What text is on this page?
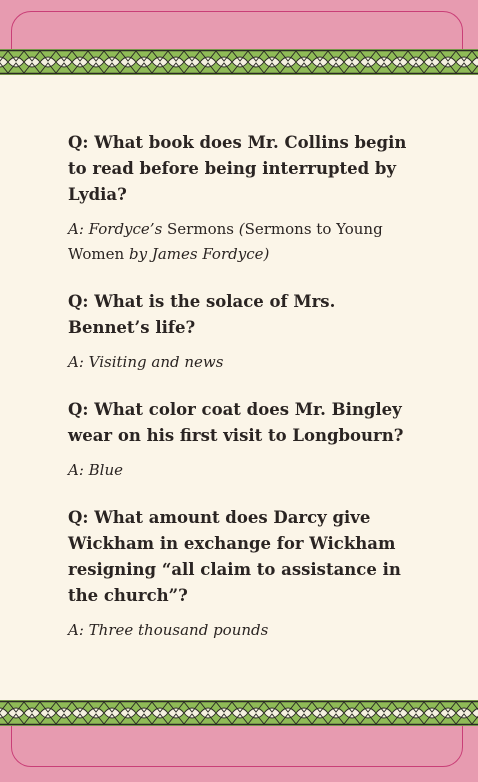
Q: What book does Mr. Collins begin to read before being interrupted by Lydia?

A: Fordyce’s Sermons (Sermons to Young Women by James Fordyce)

Q: What is the solace of Mrs. Bennet’s life?

A: Visiting and news

Q: What color coat does Mr. Bingley wear on his first visit to Longbourn?

A: Blue

Q: What amount does Darcy give Wickham in exchange for Wickham resigning “all claim to assistance in the church”?

A: Three thousand pounds
